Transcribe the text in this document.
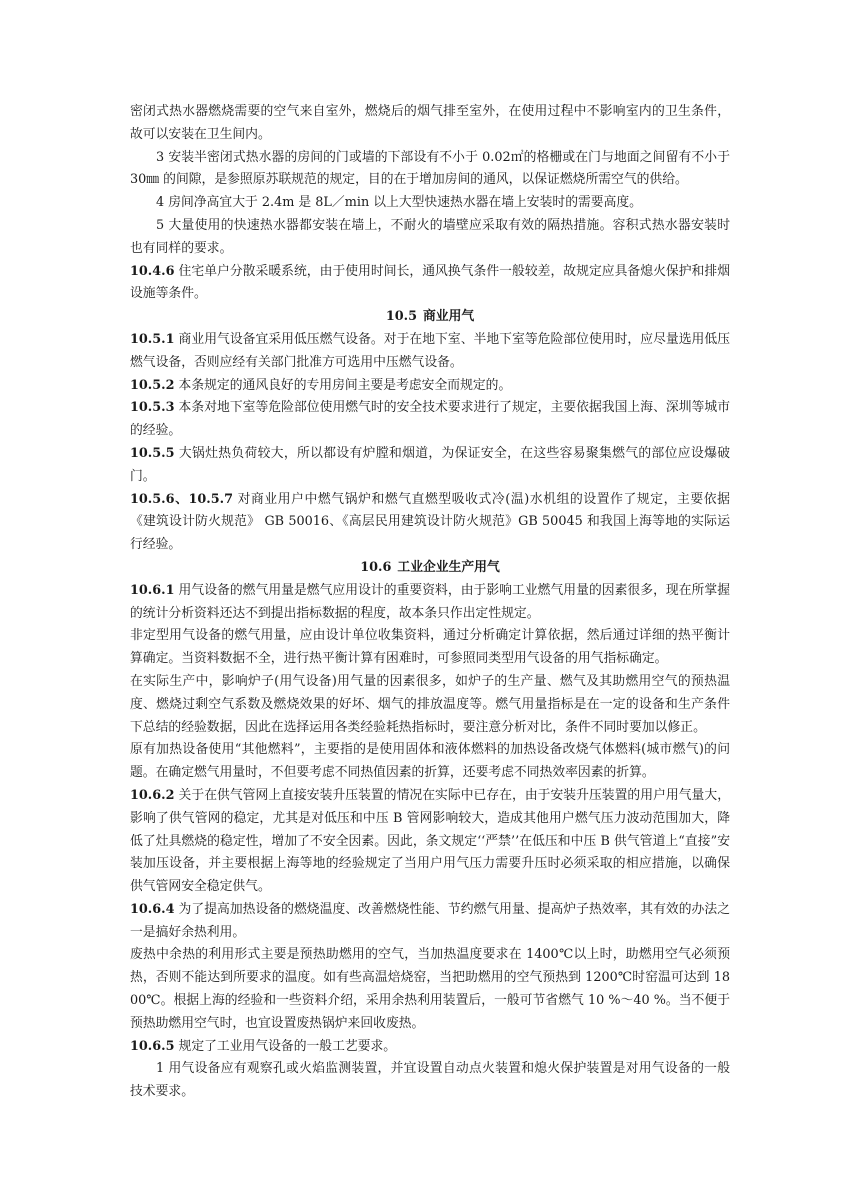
密闭式热水器燃烧需要的空气来自室外，燃烧后的烟气排至室外，在使用过程中不影响室内的卫生条件，故可以安装在卫生间内。

3 安装半密闭式热水器的房间的门或墙的下部设有不小于 0.02㎡的格栅或在门与地面之间留有不小于 30㎜ 的间隙，是参照原苏联规范的规定，目的在于增加房间的通风，以保证燃烧所需空气的供给。

4 房间净高宜大于 2.4m 是 8L／min 以上大型快速热水器在墙上安装时的需要高度。

5 大量使用的快速热水器都安装在墙上，不耐火的墙壁应采取有效的隔热措施。容积式热水器安装时也有同样的要求。

10.4.6 住宅单户分散采暖系统，由于使用时间长，通风换气条件一般较差，故规定应具备熄火保护和排烟设施等条件。

10.5 商业用气

10.5.1 商业用气设备宜采用低压燃气设备。对于在地下室、半地下室等危险部位使用时，应尽量选用低压燃气设备，否则应经有关部门批准方可选用中压燃气设备。

10.5.2 本条规定的通风良好的专用房间主要是考虑安全而规定的。

10.5.3 本条对地下室等危险部位使用燃气时的安全技术要求进行了规定，主要依据我国上海、深圳等城市的经验。

10.5.5 大锅灶热负荷较大，所以都设有炉膛和烟道，为保证安全，在这些容易聚集燃气的部位应设爆破门。

10.5.6、10.5.7 对商业用户中燃气锅炉和燃气直燃型吸收式冷(温)水机组的设置作了规定，主要依据《建筑设计防火规范》 GB 50016、《高层民用建筑设计防火规范》GB 50045 和我国上海等地的实际运行经验。

10.6 工业企业生产用气

10.6.1 用气设备的燃气用量是燃气应用设计的重要资料，由于影响工业燃气用量的因素很多，现在所掌握的统计分析资料还达不到提出指标数据的程度，故本条只作出定性规定。

非定型用气设备的燃气用量，应由设计单位收集资料，通过分析确定计算依据，然后通过详细的热平衡计算确定。当资料数据不全，进行热平衡计算有困难时，可参照同类型用气设备的用气指标确定。

在实际生产中，影响炉子(用气设备)用气量的因素很多，如炉子的生产量、燃气及其助燃用空气的预热温度、燃烧过剩空气系数及燃烧效果的好坏、烟气的排放温度等。燃气用量指标是在一定的设备和生产条件下总结的经验数据，因此在选择运用各类经验耗热指标时，要注意分析对比，条件不同时要加以修正。

原有加热设备使用“其他燃料”，主要指的是使用固体和液体燃料的加热设备改烧气体燃料(城市燃气)的问题。在确定燃气用量时，不但要考虑不同热值因素的折算，还要考虑不同热效率因素的折算。

10.6.2 关于在供气管网上直接安装升压装置的情况在实际中已存在，由于安装升压装置的用户用气量大，影响了供气管网的稳定，尤其是对低压和中压 B 管网影响较大，造成其他用户燃气压力波动范围加大，降低了灶具燃烧的稳定性，增加了不安全因素。因此，条文规定‘‘严禁’’在低压和中压 B 供气管道上“直接”安装加压设备，并主要根据上海等地的经验规定了当用户用气压力需要升压时必须采取的相应措施，以确保供气管网安全稳定供气。

10.6.4 为了提高加热设备的燃烧温度、改善燃烧性能、节约燃气用量、提高炉子热效率，其有效的办法之一是搞好余热利用。

废热中余热的利用形式主要是预热助燃用的空气，当加热温度要求在 1400℃以上时，助燃用空气必须预热，否则不能达到所要求的温度。如有些高温焙烧窑，当把助燃用的空气预热到 1200℃时窑温可达到 1800℃。根据上海的经验和一些资料介绍，采用余热利用装置后，一般可节省燃气 10 %～40 %。当不便于预热助燃用空气时，也宜设置废热锅炉来回收废热。

10.6.5 规定了工业用气设备的一般工艺要求。

1 用气设备应有观察孔或火焰监测装置，并宜设置自动点火装置和熄火保护装置是对用气设备的一般技术要求。
